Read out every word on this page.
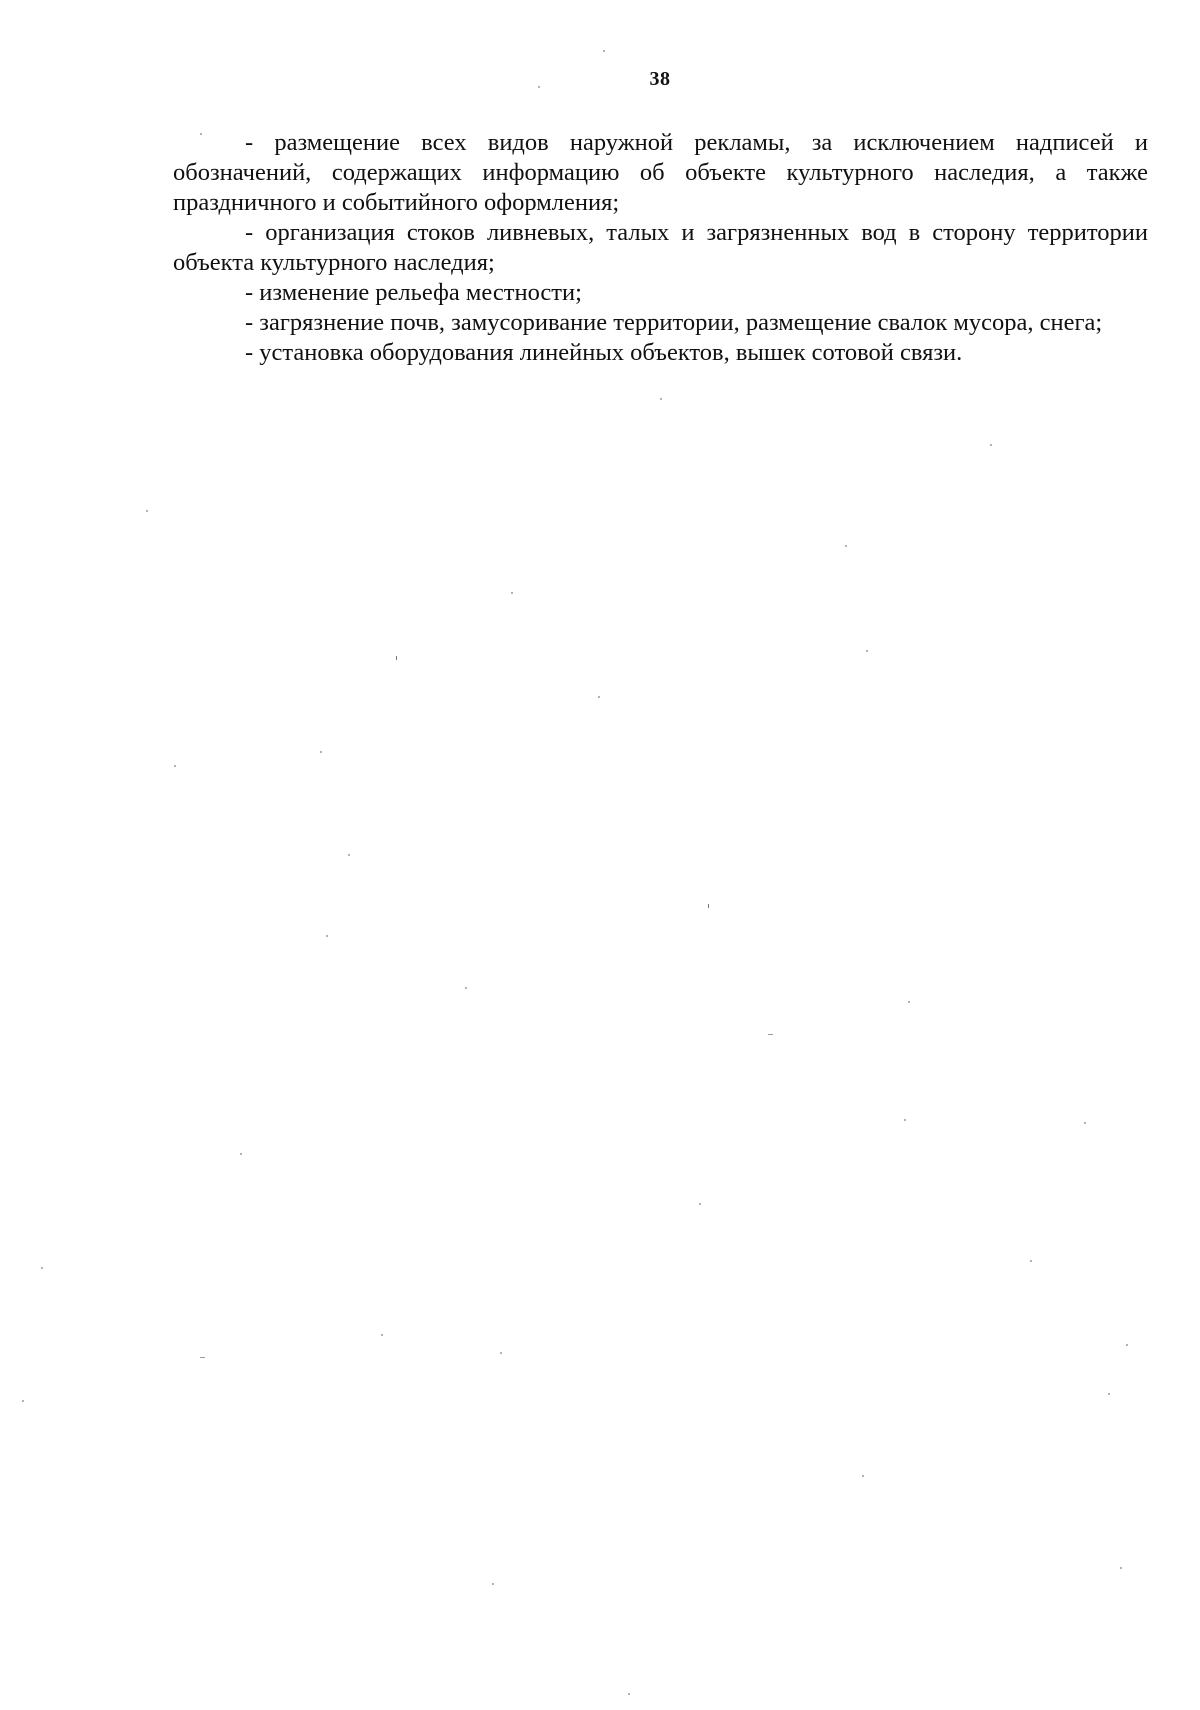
38

- размещение всех видов наружной рекламы, за исключением надписей и обозначений, содержащих информацию об объекте культурного наследия, а также праздничного и событийного оформления;

- организация стоков ливневых, талых и загрязненных вод в сторону территории объекта культурного наследия;

- изменение рельефа местности;

- загрязнение почв, замусоривание территории, размещение свалок мусора, снега;

- установка оборудования линейных объектов, вышек сотовой связи.
